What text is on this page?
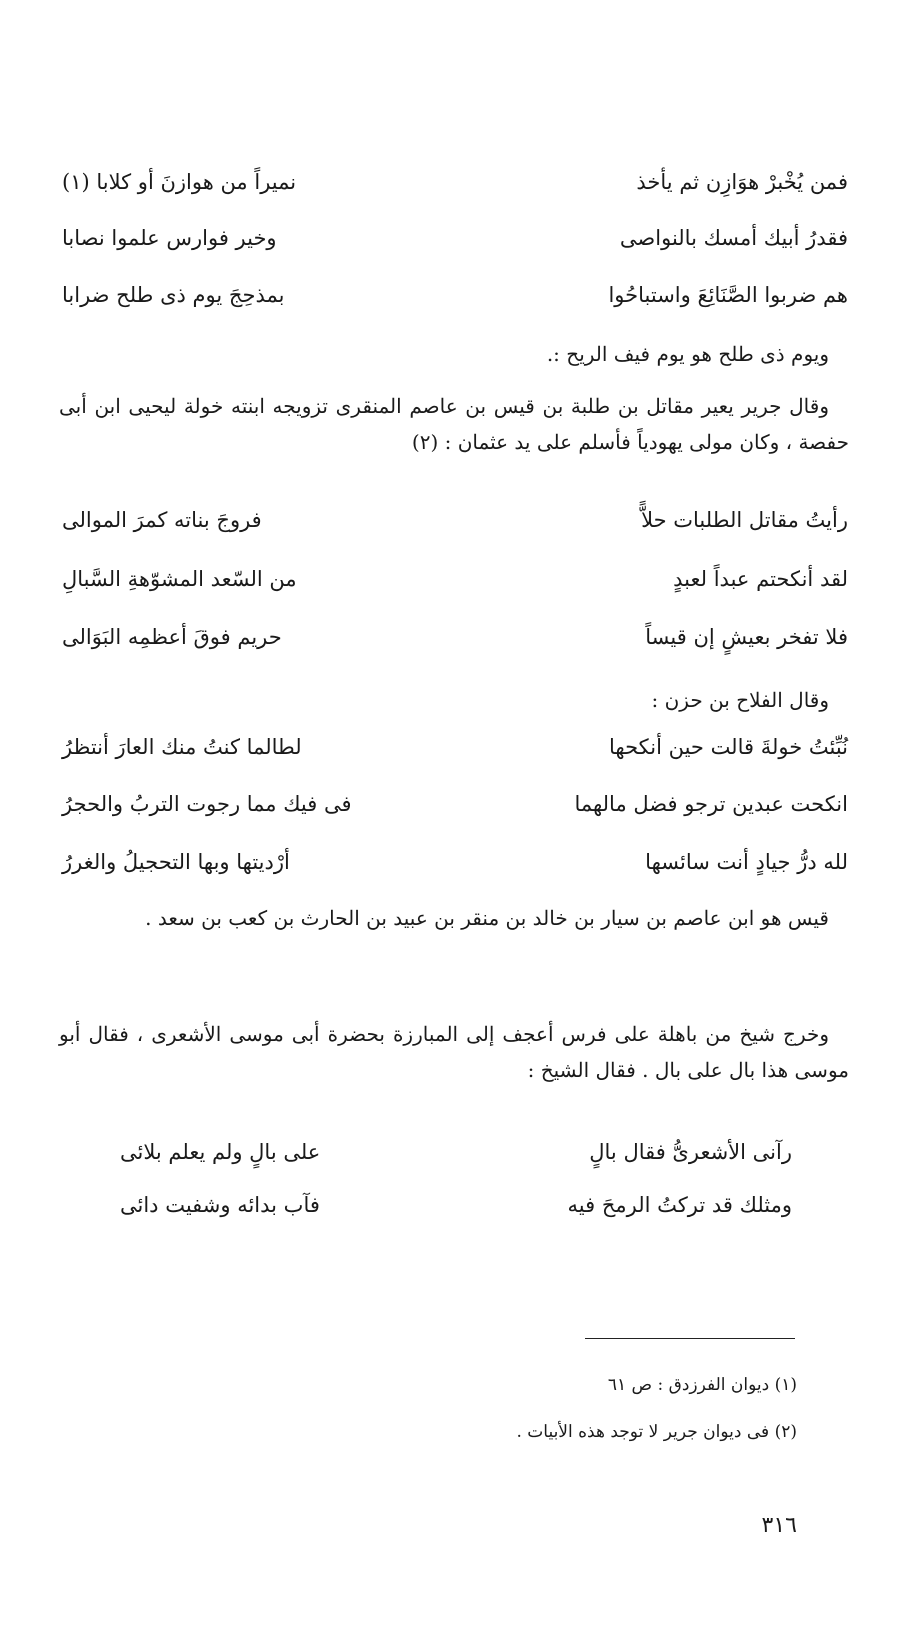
فمن يُخْبرْ هوَازِن ثم يأخذ
نميراً من هوازنَ أو كلابا (١)
فقدرُ أبيك أمسك بالنواصى
وخير فوارس علموا نصابا
هم ضربوا الصَّنَائِعَ واستباحُوا
بمذحِجَ يوم ذى طلح ضرابا
ويوم ذى طلح هو يوم فيف الريح :.
وقال جرير يعير مقاتل بن طلبة بن قيس بن عاصم المنقرى تزويجه ابنته خولة ليحيى ابن أبى حفصة ، وكان مولى يهودياً فأسلم على يد عثمان : (٢)
رأيتُ مقاتل الطلبات حلاًّ
فروجَ بناته كمرَ الموالى
لقد أنكحتم عبداً لعبدٍ
من السّعد المشوّهةِ السَّبالِ
فلا تفخر بعيشٍ إن قيساً
حريم فوقَ أعظمِه البَوَالى
وقال الفلاح بن حزن :
نُبِّئتُ خولةَ قالت حين أنكحها
لطالما كنتُ منك العارَ أنتظرُ
انكحت عبدين ترجو فضل مالهما
فى فيك مما رجوت التربُ والحجرُ
لله درُّ جيادٍ أنت سائسها
أرْديتها وبها التحجيلُ والغررُ
قيس هو ابن عاصم بن سيار بن خالد بن منقر بن عبيد بن الحارث بن كعب بن سعد .
وخرج شيخ من باهلة على فرس أعجف إلى المبارزة بحضرة أبى موسى الأشعرى ، فقال أبو موسى هذا بال على بال . فقال الشيخ :
رآنى الأشعرىُّ فقال بالٍ
على بالٍ ولم يعلم بلائى
ومثلك قد تركتُ الرمحَ فيه
فآب بدائه وشفيت دائى
(١) ديوان الفرزدق : ص ٦١
(٢) فى ديوان جرير لا توجد هذه الأبيات .
٣١٦
